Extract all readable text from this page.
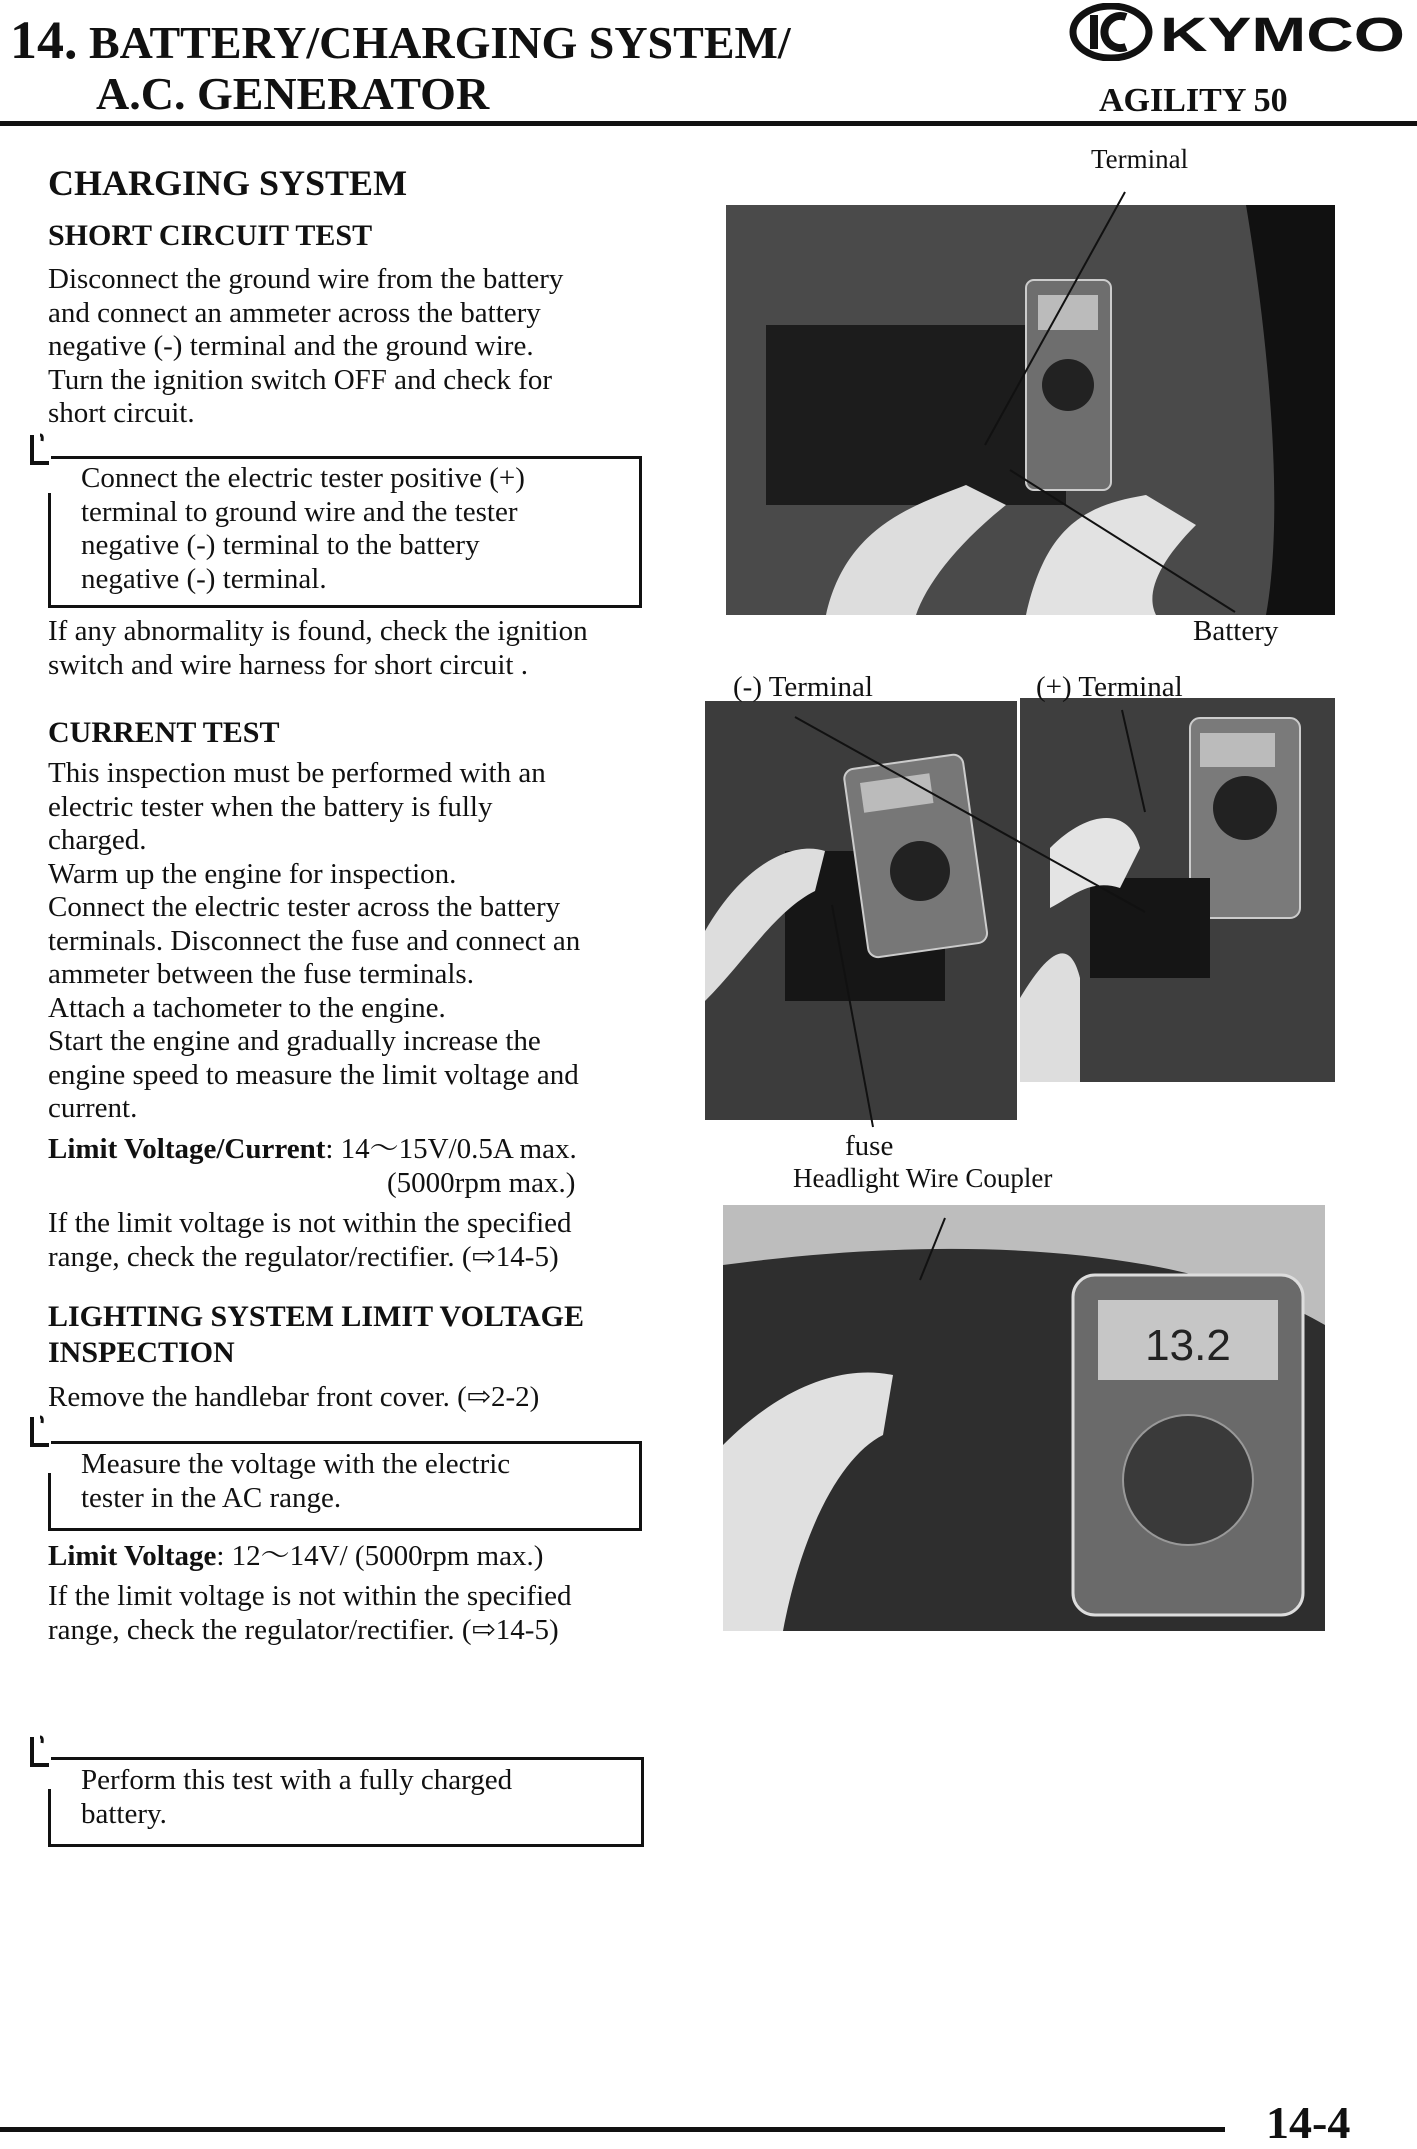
14. BATTERY/CHARGING SYSTEM/
A.C. GENERATOR
KYMCO
AGILITY 50
CHARGING SYSTEM
SHORT CIRCUIT TEST

Disconnect the ground wire from the battery

and connect an ammeter across the battery

negative (-) terminal and the ground wire.

Turn the ignition switch OFF and check for

short circuit.

Connect the electric tester positive (+)
terminal to ground wire and the tester
negative (-) terminal to the battery
negative (-) terminal.

If any abnormality is found, check the ignition

switch and wire harness for short circuit .

CURRENT TEST

This inspection must be performed with an

electric tester when the battery is fully

charged.

Warm up the engine for inspection.

Connect the electric tester across the battery

terminals. Disconnect the fuse and connect an

ammeter between the fuse terminals.

Attach a tachometer to the engine.

Start the engine and gradually increase the

engine speed to measure the limit voltage and

current.

Limit Voltage/Current: 14～15V/0.5A max.
(5000rpm max.)

If the limit voltage is not within the specified

range, check the regulator/rectifier. (⇨14-5)

LIGHTING SYSTEM LIMIT VOLTAGE
INSPECTION
Remove the handlebar front cover. (⇨2-2)

Measure the voltage with the electric
tester in the AC range.

Limit Voltage: 12～14V/ (5000rpm max.)

If the limit voltage is not within the specified

range, check the regulator/rectifier. (⇨14-5)

Perform this test with a fully charged
battery.

13.2
Terminal
Battery
(-) Terminal	(+) Terminal
fuse
Headlight Wire Coupler
14-4
